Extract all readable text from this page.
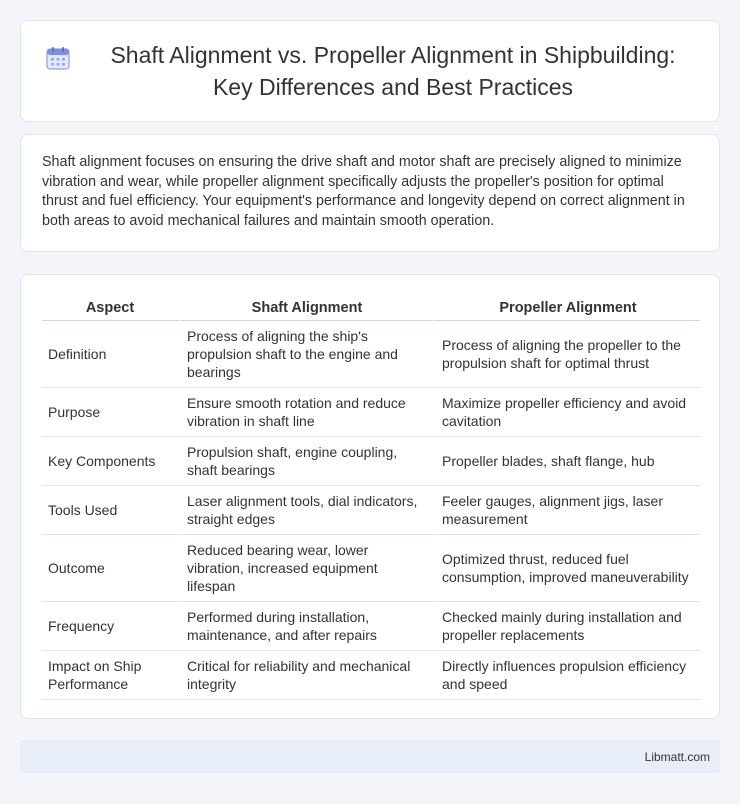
Shaft Alignment vs. Propeller Alignment in Shipbuilding: Key Differences and Best Practices

Shaft alignment focuses on ensuring the drive shaft and motor shaft are precisely aligned to minimize vibration and wear, while propeller alignment specifically adjusts the propeller's position for optimal thrust and fuel efficiency. Your equipment's performance and longevity depend on correct alignment in both areas to avoid mechanical failures and maintain smooth operation.

Aspect	Shaft Alignment	Propeller Alignment
Definition	Process of aligning the ship's propulsion shaft to the engine and bearings	Process of aligning the propeller to the propulsion shaft for optimal thrust
Purpose	Ensure smooth rotation and reduce vibration in shaft line	Maximize propeller efficiency and avoid cavitation
Key Components	Propulsion shaft, engine coupling, shaft bearings	Propeller blades, shaft flange, hub
Tools Used	Laser alignment tools, dial indicators, straight edges	Feeler gauges, alignment jigs, laser measurement
Outcome	Reduced bearing wear, lower vibration, increased equipment lifespan	Optimized thrust, reduced fuel consumption, improved maneuverability
Frequency	Performed during installation, maintenance, and after repairs	Checked mainly during installation and propeller replacements
Impact on Ship Performance	Critical for reliability and mechanical integrity	Directly influences propulsion efficiency and speed
Libmatt.com
